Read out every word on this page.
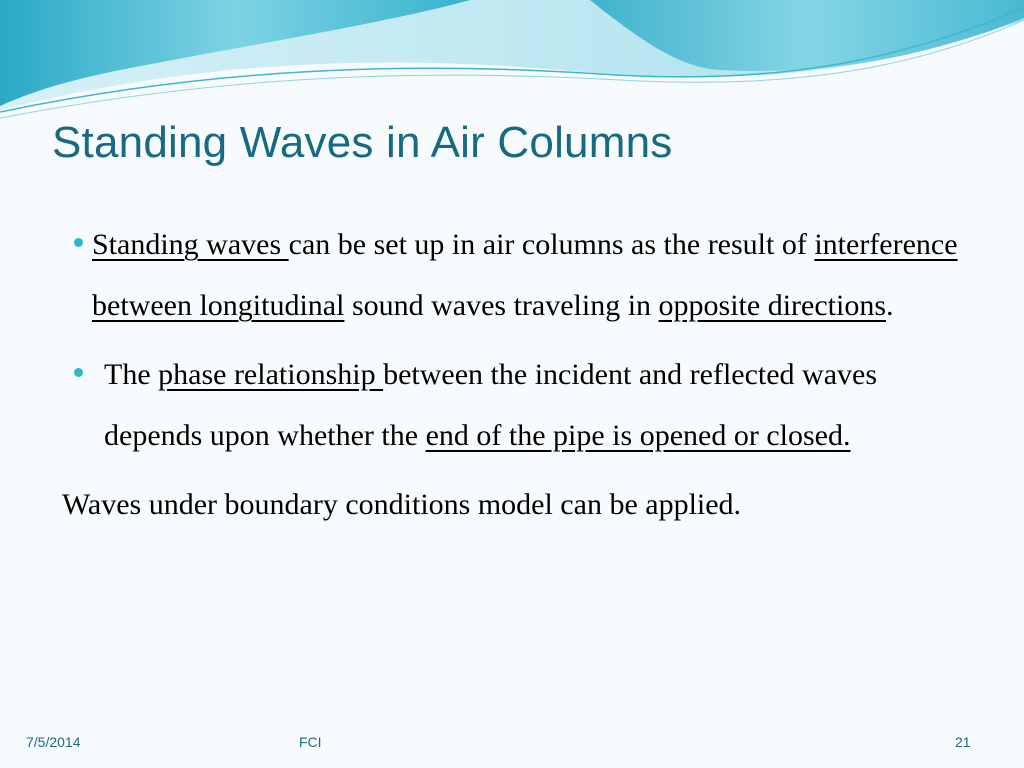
Standing Waves in Air Columns

Standing waves can be set up in air columns as the result of interference between longitudinal sound waves traveling in opposite directions.

The phase relationship between the incident and reflected waves depends upon whether the end of the pipe is opened or closed.

Waves under boundary conditions model can be applied.

7/5/2014	FCI	21
